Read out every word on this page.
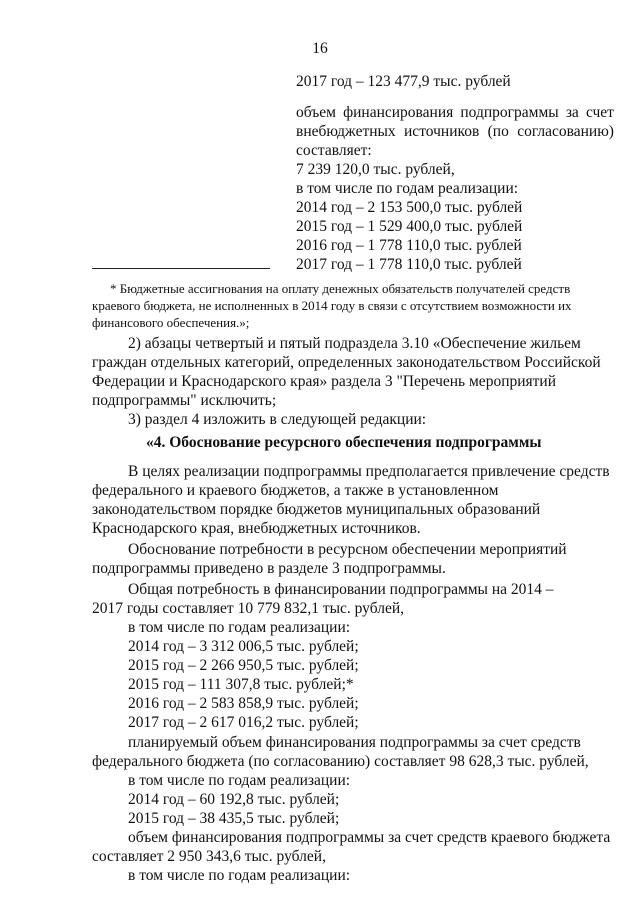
16
2017 год – 123 477,9 тыс. рублей
объем финансирования подпрограммы за счет
внебюджетных источников (по согласованию)
составляет:
7 239 120,0 тыс. рублей,
в том числе по годам реализации:
2014 год – 2 153 500,0 тыс. рублей
2015 год – 1 529 400,0 тыс. рублей
2016 год – 1 778 110,0 тыс. рублей
2017 год – 1 778 110,0 тыс. рублей
* Бюджетные ассигнования на оплату денежных обязательств получателей средств
краевого бюджета, не исполненных в 2014 году в связи с отсутствием возможности их
финансового обеспечения.»;
2) абзацы четвертый и пятый подраздела 3.10 «Обеспечение жильем
граждан отдельных категорий, определенных законодательством Российской
Федерации и Краснодарского края» раздела 3 "Перечень мероприятий
подпрограммы" исключить;
3) раздел 4 изложить в следующей редакции:
«4. Обоснование ресурсного обеспечения подпрограммы
В целях реализации подпрограммы предполагается привлечение средств
федерального и краевого бюджетов, а также в установленном
законодательством порядке бюджетов муниципальных образований
Краснодарского края, внебюджетных источников.
Обоснование потребности в ресурсном обеспечении мероприятий
подпрограммы приведено в разделе 3 подпрограммы.
Общая потребность в финансировании подпрограммы на 2014 –
2017 годы составляет 10 779 832,1 тыс. рублей,
в том числе по годам реализации:
2014 год – 3 312 006,5 тыс. рублей;
2015 год – 2 266 950,5 тыс. рублей;
2015 год – 111 307,8 тыс. рублей;*
2016 год – 2 583 858,9 тыс. рублей;
2017 год – 2 617 016,2 тыс. рублей;
планируемый объем финансирования подпрограммы за счет средств
федерального бюджета (по согласованию) составляет 98 628,3 тыс. рублей,
в том числе по годам реализации:
2014 год – 60 192,8 тыс. рублей;
2015 год – 38 435,5 тыс. рублей;
объем финансирования подпрограммы за счет средств краевого бюджета
составляет 2 950 343,6 тыс. рублей,
в том числе по годам реализации:
